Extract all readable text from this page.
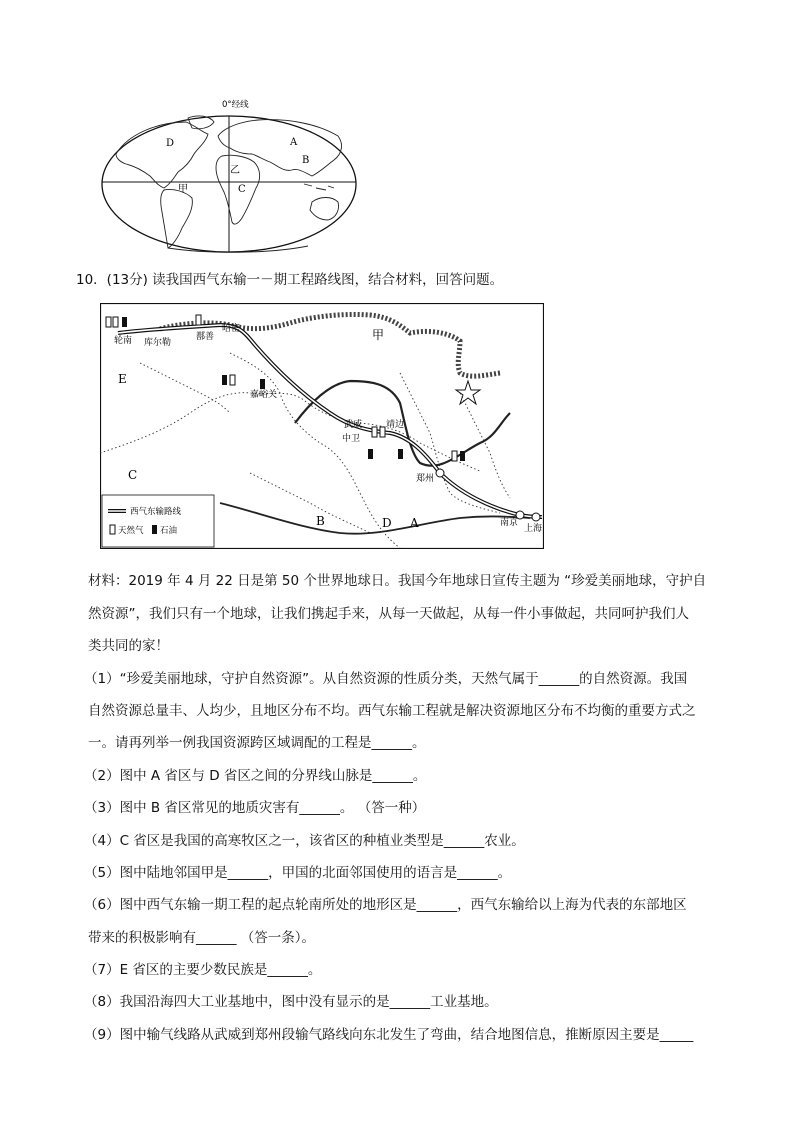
0°经线
D	A
B
乙
甲	C
10．(13分) 读我国西气东输一－期工程路线图，结合材料，回答问题。
轮南 库尔勒
鄯善
哈密
嘉峪关
武威	靖边
中卫
郑州
南京
上海
甲
E
C
B	D A
西气东输路线
天然气 石油
材料：2019 年 4 月 22 日是第 50 个世界地球日。我国今年地球日宣传主题为 “珍爱美丽地球，守护自
然资源”，我们只有一个地球，让我们携起手来，从每一天做起，从每一件小事做起，共同呵护我们人
类共同的家！
（1）“珍爱美丽地球，守护自然资源”。从自然资源的性质分类，天然气属于______的自然资源。我国
自然资源总量丰、人均少，且地区分布不均。西气东输工程就是解决资源地区分布不均衡的重要方式之
一。请再列举一例我国资源跨区域调配的工程是______。
（2）图中 A 省区与 D 省区之间的分界线山脉是______。
（3）图中 B 省区常见的地质灾害有______。 （答一种）
（4）C 省区是我国的高寒牧区之一，该省区的种植业类型是______农业。
（5）图中陆地邻国甲是______，甲国的北面邻国使用的语言是______。
（6）图中西气东输一期工程的起点轮南所处的地形区是______，西气东输给以上海为代表的东部地区
带来的积极影响有______ （答一条）。
（7）E 省区的主要少数民族是______。
（8）我国沿海四大工业基地中，图中没有显示的是______工业基地。
（9）图中输气线路从武威到郑州段输气路线向东北发生了弯曲，结合地图信息，推断原因主要是_____
